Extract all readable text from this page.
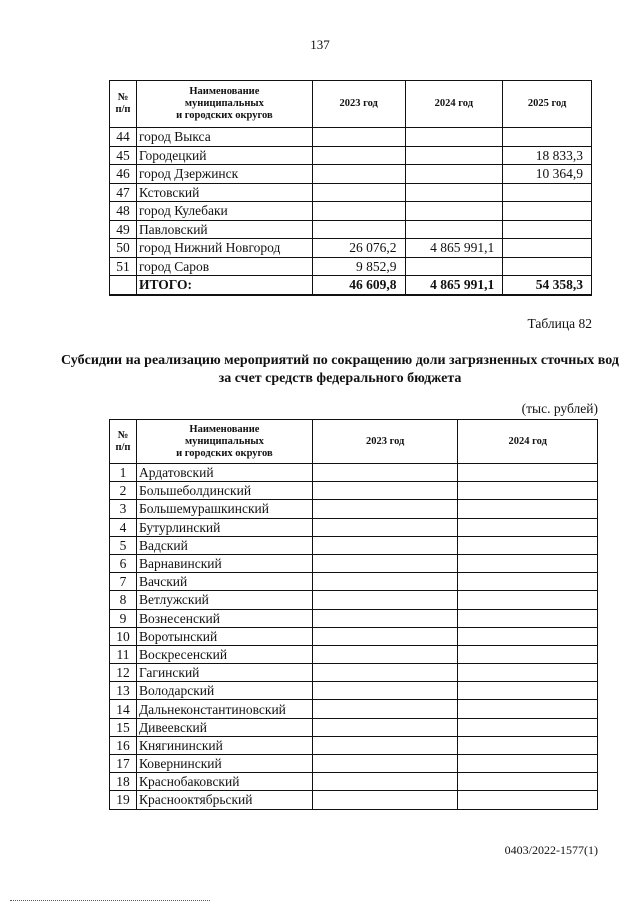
137
№
п/п	Наименование
муниципальных
и городских округов	2023 год	2024 год	2025 год
44	город Выкса			
45	Городецкий			18 833,3
46	город Дзержинск			10 364,9
47	Кстовский			
48	город Кулебаки			
49	Павловский			
50	город Нижний Новгород	26 076,2	4 865 991,1	
51	город Саров	9 852,9		
	ИТОГО:	46 609,8	4 865 991,1	54 358,3
Таблица 82
Субсидии на реализацию мероприятий по сокращению доли загрязненных сточных вод за счет средств федерального бюджета
(тыс. рублей)
№
п/п	Наименование
муниципальных
и городских округов	2023 год	2024 год
1	Ардатовский		
2	Большеболдинский		
3	Большемурашкинский		
4	Бутурлинский		
5	Вадский		
6	Варнавинский		
7	Вачский		
8	Ветлужский		
9	Вознесенский		
10	Воротынский		
11	Воскресенский		
12	Гагинский		
13	Володарский		
14	Дальнеконстантиновский		
15	Дивеевский		
16	Княгининский		
17	Ковернинский		
18	Краснобаковский		
19	Краснооктябрьский		
0403/2022-1577(1)
